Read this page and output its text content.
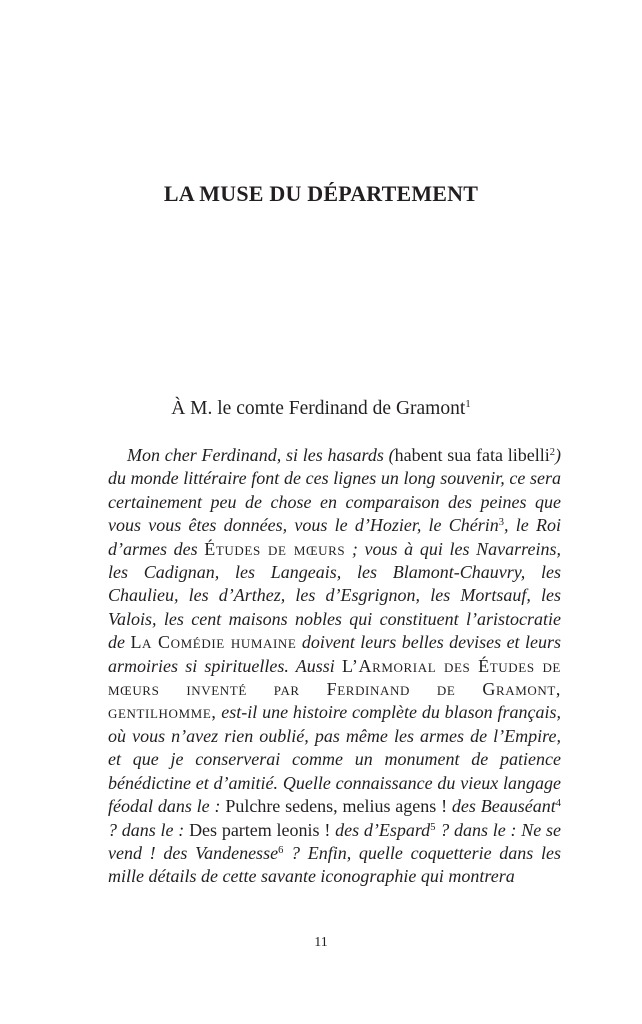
LA MUSE DU DÉPARTEMENT
À M. le comte Ferdinand de Gramont$^1$

Mon cher Ferdinand, si les hasards (habent sua fata libelli$^2$) du monde littéraire font de ces lignes un long souvenir, ce sera certainement peu de chose en comparaison des peines que vous vous êtes données, vous le d’Hozier, le Chérin$^3$, le Roi d’armes des Études de mœurs ; vous à qui les Navarreins, les Cadignan, les Langeais, les Blamont-Chauvry, les Chaulieu, les d’Arthez, les d’Esgrignon, les Mortsauf, les Valois, les cent maisons nobles qui constituent l’aristocratie de La Comédie humaine doivent leurs belles devises et leurs armoiries si spirituelles. Aussi L’Armorial des Études de mœurs inventé par Ferdinand de Gramont, gentilhomme, est-il une histoire complète du blason français, où vous n’avez rien oublié, pas même les armes de l’Empire, et que je conserverai comme un monument de patience bénédictine et d’amitié. Quelle connaissance du vieux langage féodal dans le : Pulchre sedens, melius agens ! des Beauséant$^4$ ? dans le : Des partem leonis ! des d’Espard$^5$ ? dans le : Ne se vend ! des Vandenesse$^6$ ? Enfin, quelle coquetterie dans les mille détails de cette savante iconographie qui montrera

11
